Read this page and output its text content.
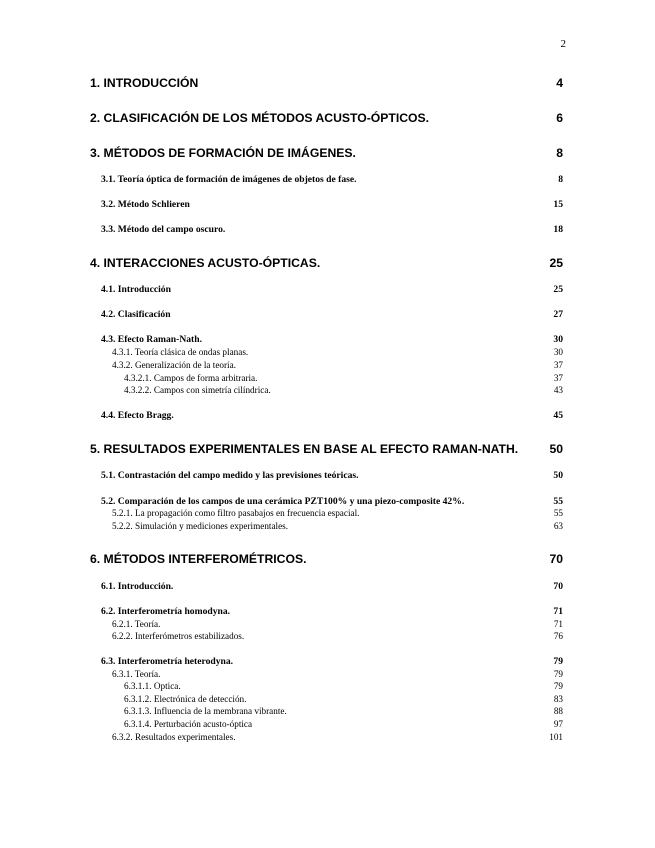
2
1. INTRODUCCIÓN	4
2. CLASIFICACIÓN DE LOS MÉTODOS ACUSTO-ÓPTICOS.	6
3. MÉTODOS DE FORMACIÓN DE IMÁGENES.	8
3.1. Teoría óptica de formación de imágenes de objetos de fase.	8
3.2. Método Schlieren	15
3.3. Método del campo oscuro.	18
4. INTERACCIONES ACUSTO-ÓPTICAS.	25
4.1. Introducción	25
4.2. Clasificación	27
4.3. Efecto Raman-Nath.	30
4.3.1. Teoría clásica de ondas planas.	30
4.3.2. Generalización de la teoría.	37
4.3.2.1. Campos de forma arbitraria.	37
4.3.2.2. Campos con simetría cilíndrica.	43
4.4. Efecto Bragg.	45
5. RESULTADOS EXPERIMENTALES EN BASE AL EFECTO RAMAN-NATH.	50
5.1. Contrastación del campo medido y las previsiones teóricas.	50
5.2. Comparación de los campos de una cerámica PZT100% y una piezo-composite 42%.	55
5.2.1. La propagación como filtro pasabajos en frecuencia espacial.	55
5.2.2. Simulación y mediciones experimentales.	63
6. MÉTODOS INTERFEROMÉTRICOS.	70
6.1. Introducción.	70
6.2. Interferometría homodyna.	71
6.2.1. Teoría.	71
6.2.2. Interferómetros estabilizados.	76
6.3. Interferometría heterodyna.	79
6.3.1. Teoría.	79
6.3.1.1. Optica.	79
6.3.1.2. Electrónica de detección.	83
6.3.1.3. Influencia de la membrana vibrante.	88
6.3.1.4. Perturbación acusto-óptica	97
6.3.2. Resultados experimentales.	101
